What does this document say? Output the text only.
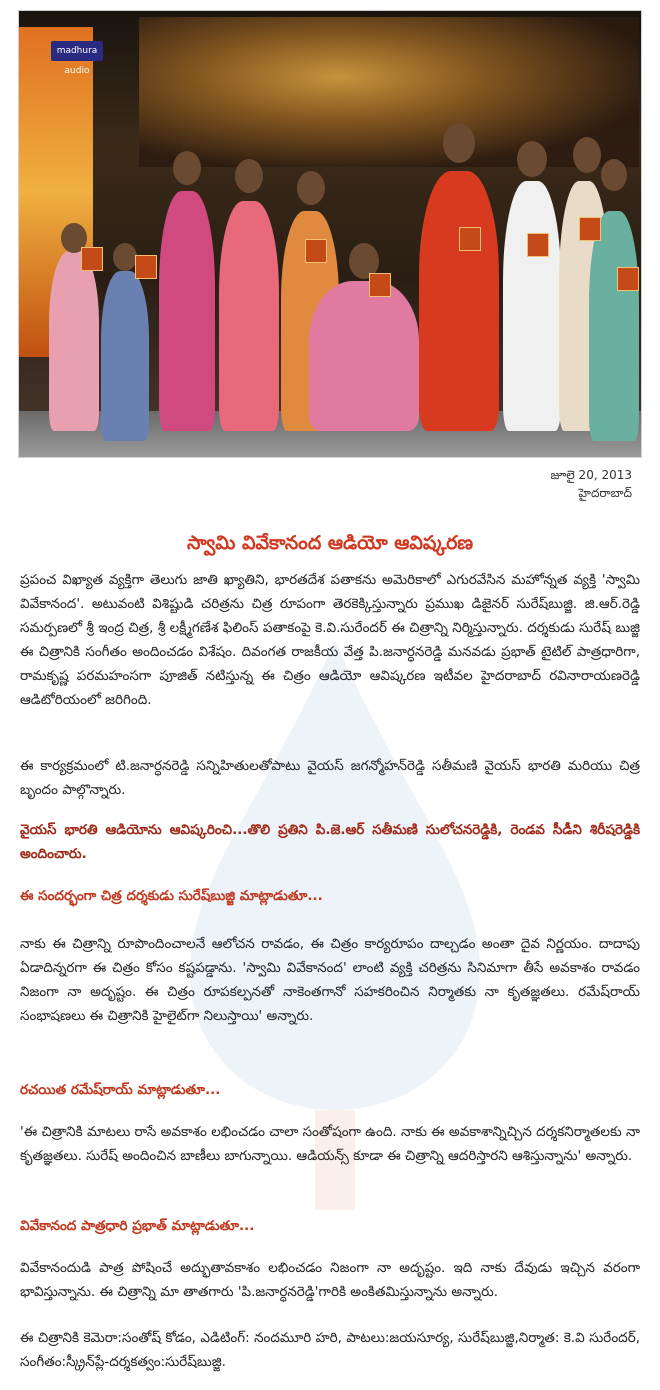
madhura audio
జూలై 20, 2013
హైదరాబాద్
స్వామి వివేకానంద ఆడియో ఆవిష్కరణ
ప్రపంచ విఖ్యాత వ్యక్తిగా తెలుగు జాతి ఖ్యాతిని, భారతదేశ పతాకను అమెరికాలో ఎగురవేసిన మహోన్నత వ్యక్తి 'స్వామి వివేకానంద'. అటువంటి విశిష్టుడి చరిత్రను చిత్ర రూపంగా తెరకెక్కిస్తున్నారు ప్రముఖ డిజైనర్ సురేష్‌బుజ్జి. జి.ఆర్.రెడ్డి సమర్పణలో శ్రీ ఇంద్ర చిత్ర, శ్రీ లక్ష్మీగణేశ ఫిలింస్ పతాకంపై కె.వి.సురేందర్ ఈ చిత్రాన్ని నిర్మిస్తున్నారు. దర్శకుడు సురేష్ బుజ్జి ఈ చిత్రానికి సంగీతం అందించడం విశేషం. దివంగత రాజకీయ వేత్త పి.జనార్ధనరెడ్డి మనవడు ప్రభాత్ టైటిల్ పాత్రధారిగా, రామకృష్ణ పరమహంసగా పూజిత్ నటిస్తున్న ఈ చిత్రం ఆడియో ఆవిష్కరణ ఇటీవల హైదరాబాద్ రవినారాయణరెడ్డి ఆడిటోరియంలో జరిగింది.
ఈ కార్యక్రమంలో టి.జనార్ధనరెడ్డి సన్నిహితులతోపాటు వైయస్ జగన్మోహన్‌రెడ్డి సతీమణి వైయస్ భారతి మరియు చిత్ర బృందం పాల్గొన్నారు.
వైయస్ భారతి ఆడియోను ఆవిష్కరించి...తొలి ప్రతిని పి.జె.ఆర్ సతీమణి సులోచనరెడ్డికి, రెండవ సీడీని శిరీషరెడ్డికి అందించారు.
ఈ సందర్భంగా చిత్ర దర్శకుడు సురేష్‌బుజ్జి మాట్లాడుతూ...
నాకు ఈ చిత్రాన్ని రూపొందించాలనే ఆలోచన రావడం, ఈ చిత్రం కార్యరూపం దాల్చడం అంతా దైవ నిర్ణయం. దాదాపు ఏడాదిన్నరగా ఈ చిత్రం కోసం కష్టపడ్డాను. 'స్వామి వివేకానంద' లాంటి వ్యక్తి చరిత్రను సినిమాగా తీసే అవకాశం రావడం నిజంగా నా అదృష్టం. ఈ చిత్రం రూపకల్పనతో నాకెంతగానో సహకరించిన నిర్మాతకు నా కృతజ్ఞతలు. రమేష్‌రాయ్ సంభాషణలు ఈ చిత్రానికి హైలైట్‌గా నిలుస్తాయి' అన్నారు.
రచయిత రమేష్‌రాయ్ మాట్లాడుతూ...
'ఈ చిత్రానికి మాటలు రాసే అవకాశం లభించడం చాలా సంతోషంగా ఉంది. నాకు ఈ అవకాశాన్నిచ్చిన దర్శకనిర్మాతలకు నా కృతజ్ఞతలు. సురేష్ అందించిన బాణీలు బాగున్నాయి. ఆడియన్స్ కూడా ఈ చిత్రాన్ని ఆదరిస్తారని ఆశిస్తున్నాను' అన్నారు.
వివేకానంద పాత్రధారి ప్రభాత్ మాట్లాడుతూ...
వివేకానందుడి పాత్ర పోషించే అద్భుతావకాశం లభించడం నిజంగా నా అదృష్టం. ఇది నాకు దేవుడు ఇచ్చిన వరంగా భావిస్తున్నాను. ఈ చిత్రాన్ని మా తాతగారు 'పి.జనార్ధనరెడ్డి'గారికి అంకితమిస్తున్నాను అన్నారు.
ఈ చిత్రానికి కెమెరా:సంతోష్ కోడం, ఎడిటింగ్: నందమూరి హరి, పాటలు:జయసూర్య, సురేష్‌బుజ్జి,నిర్మాత: కె.వి సురేందర్, సంగీతం:స్క్రీన్‌ప్లే-దర్శకత్వం:సురేష్‌బుజ్జి.
